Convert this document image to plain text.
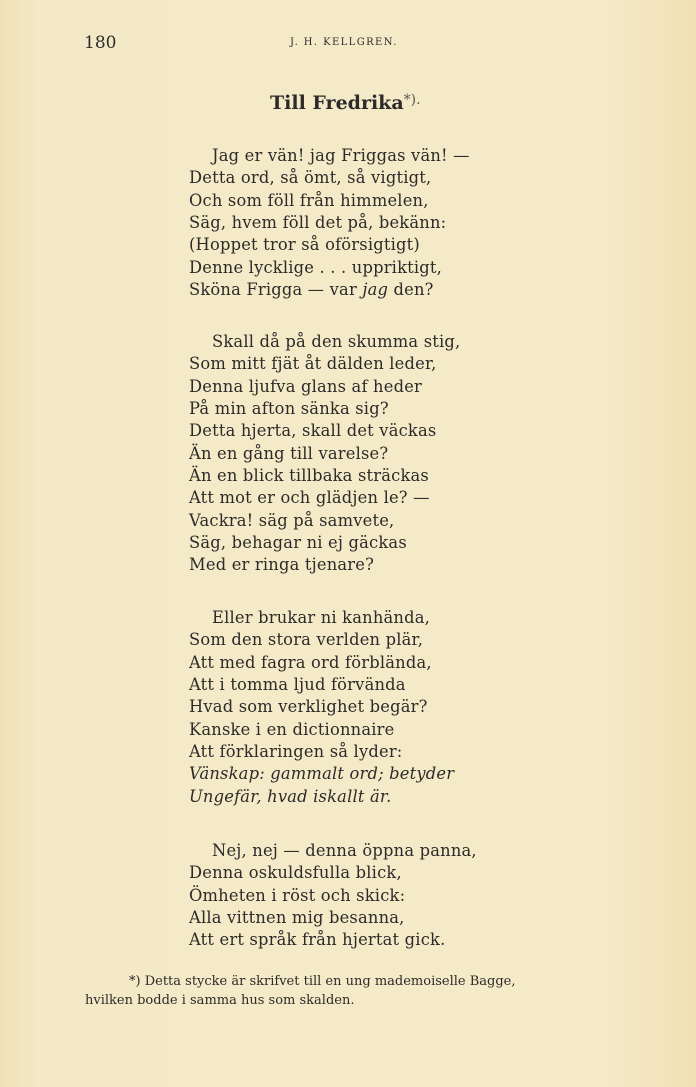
180	J. H. KELLGREN.
Till Fredrika*).
Jag er vän! jag Friggas vän! —
Detta ord, så ömt, så vigtigt,
Och som föll från himmelen,
Säg, hvem föll det på, bekänn:
(Hoppet tror så oförsigtigt)
Denne lycklige . . . uppriktigt,
Sköna Frigga — var jag den?
Skall då på den skumma stig,
Som mitt fjät åt dälden leder,
Denna ljufva glans af heder
På min afton sänka sig?
Detta hjerta, skall det väckas
Än en gång till varelse?
Än en blick tillbaka sträckas
Att mot er och glädjen le? —
Vackra! säg på samvete,
Säg, behagar ni ej gäckas
Med er ringa tjenare?
Eller brukar ni kanhända,
Som den stora verlden plär,
Att med fagra ord förblända,
Att i tomma ljud förvända
Hvad som verklighet begär?
Kanske i en dictionnaire
Att förklaringen så lyder:
Vänskap: gammalt ord; betyder
Ungefär, hvad iskallt är.
Nej, nej — denna öppna panna,
Denna oskuldsfulla blick,
Ömheten i röst och skick:
Alla vittnen mig besanna,
Att ert språk från hjertat gick.
*) Detta stycke är skrifvet till en ung mademoiselle Bagge,
hvilken bodde i samma hus som skalden.
